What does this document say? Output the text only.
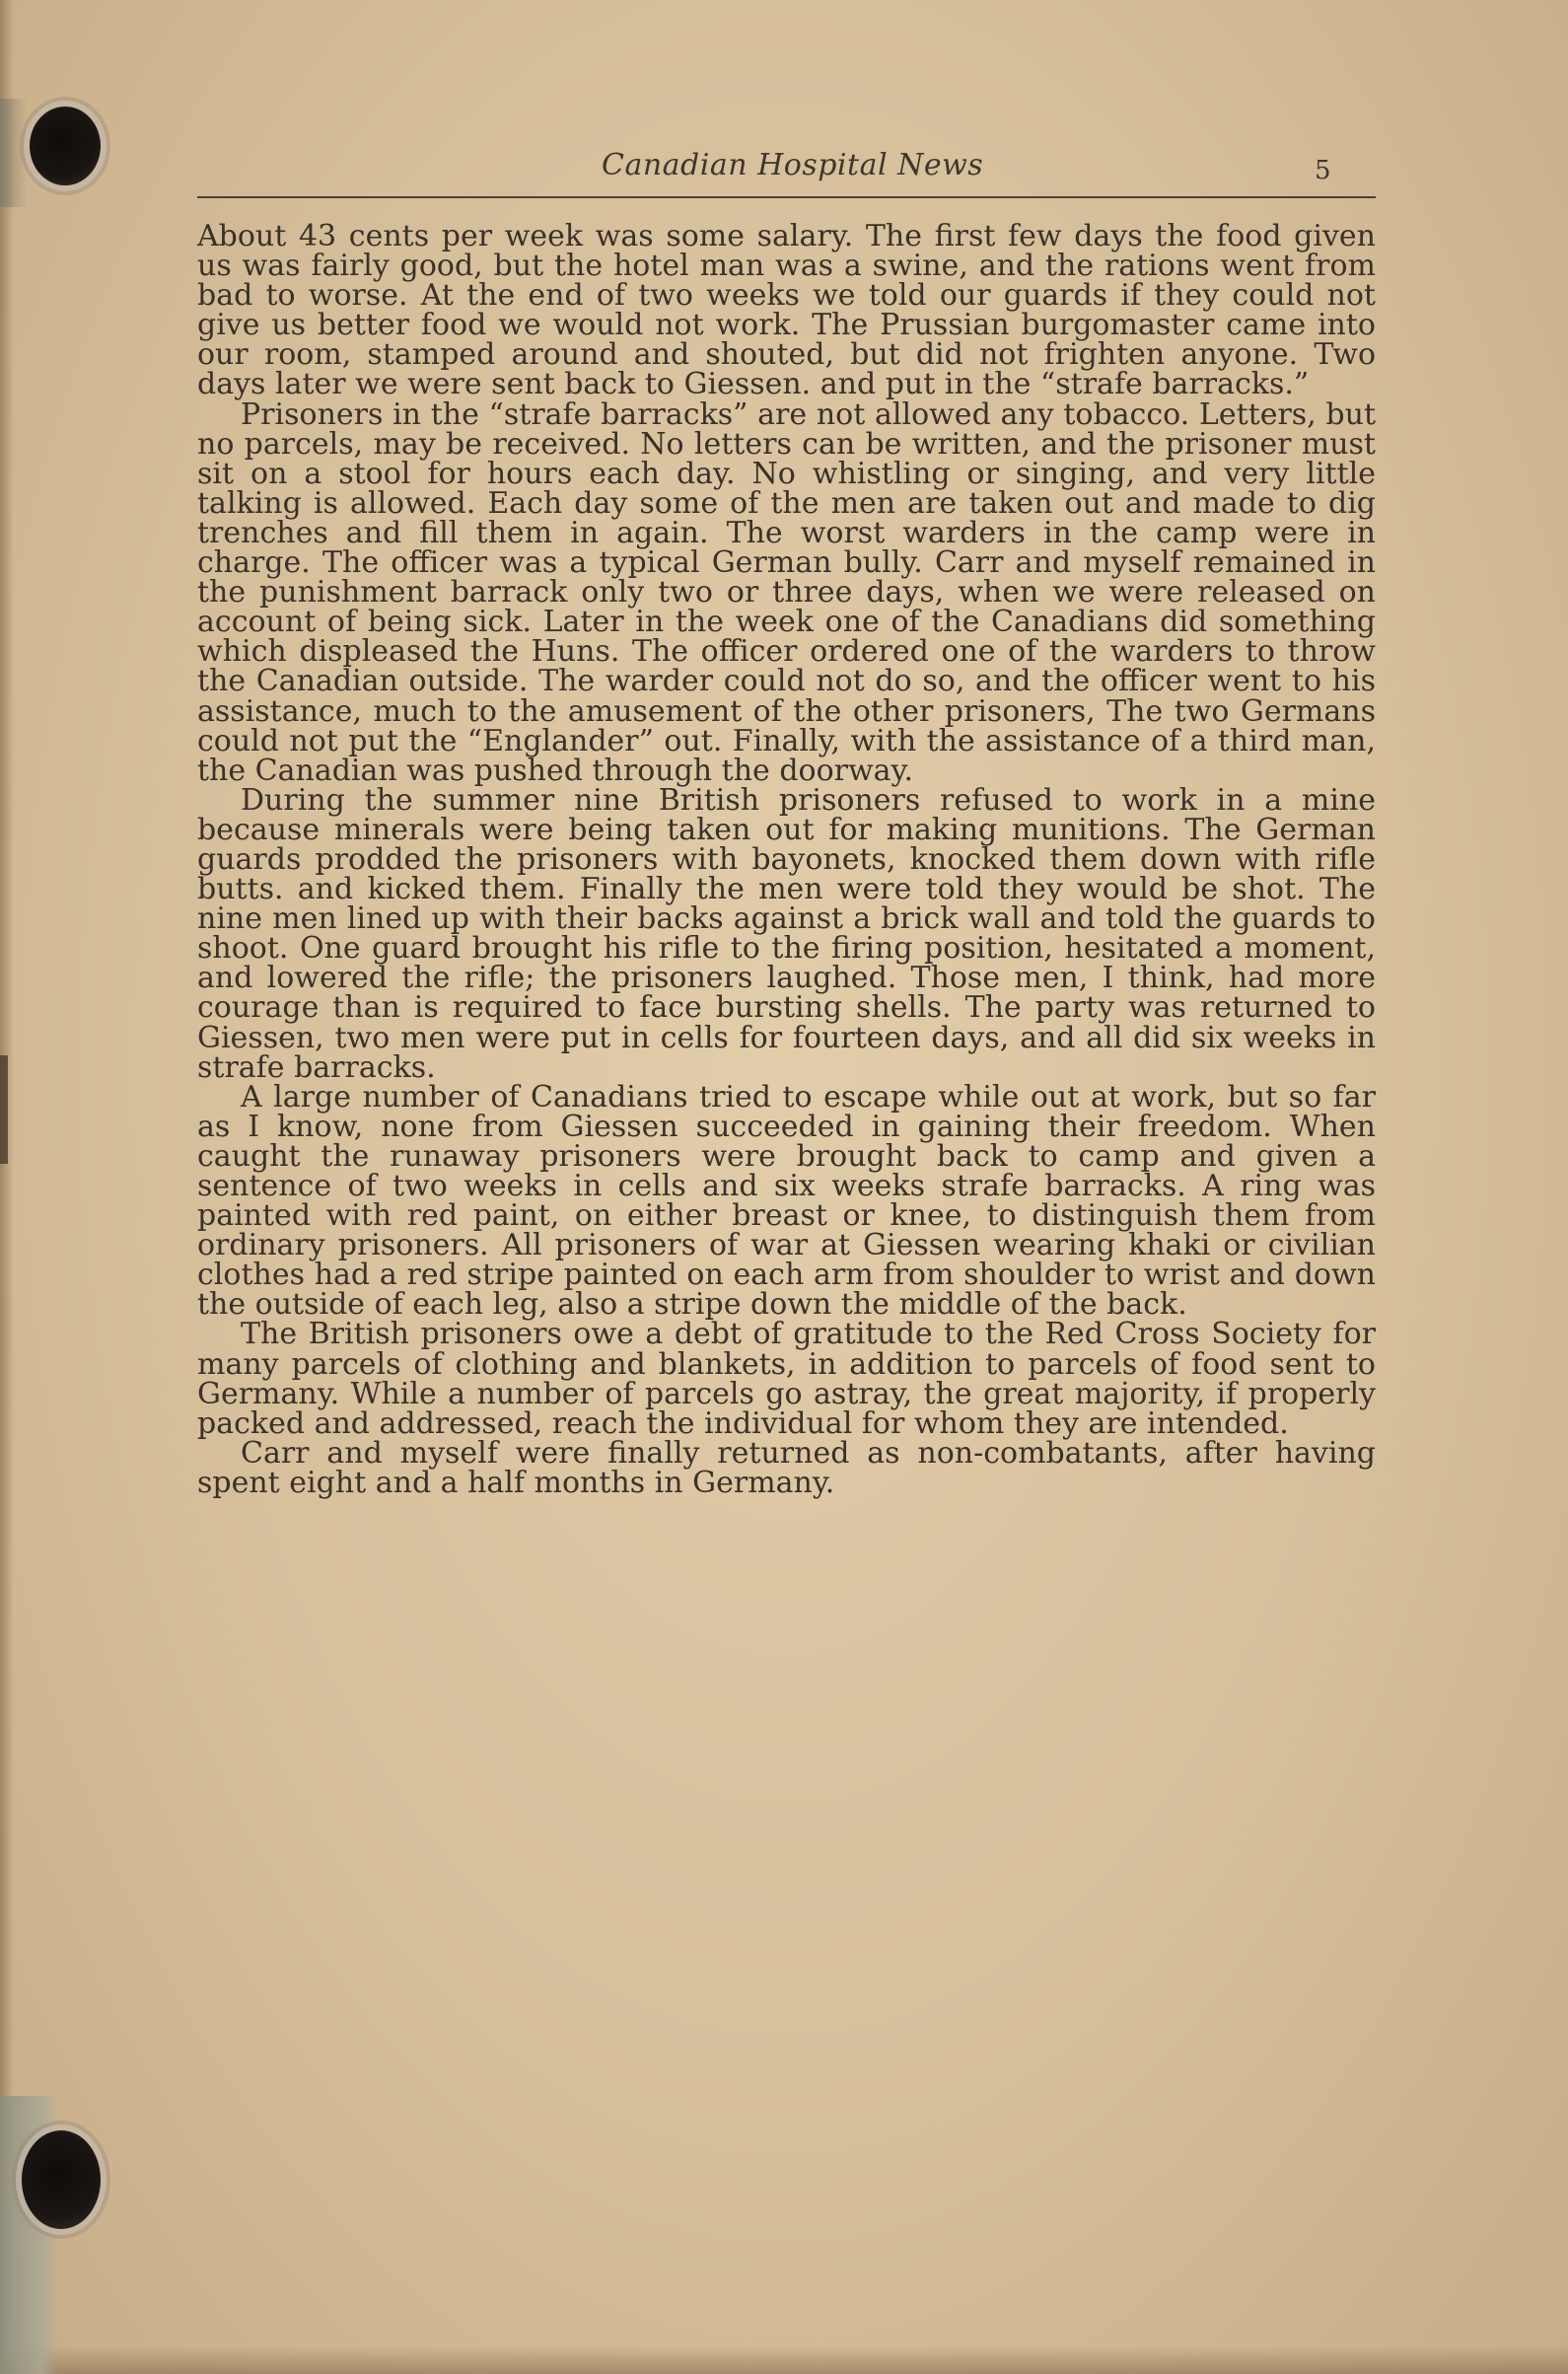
Canadian Hospital News	5

About 43 cents per week was some salary. The first few days the food given us was fairly good, but the hotel man was a swine, and the rations went from bad to worse. At the end of two weeks we told our guards if they could not give us better food we would not work. The Prussian burgomaster came into our room, stamped around and shouted, but did not frighten anyone. Two days later we were sent back to Giessen. and put in the “strafe barracks.”

Prisoners in the “strafe barracks” are not allowed any tobacco. Letters, but no parcels, may be received. No letters can be written, and the prisoner must sit on a stool for hours each day. No whistling or singing, and very little talking is allowed. Each day some of the men are taken out and made to dig trenches and fill them in again. The worst warders in the camp were in charge. The officer was a typical German bully. Carr and myself remained in the punishment barrack only two or three days, when we were released on account of being sick. Later in the week one of the Canadians did something which displeased the Huns. The officer ordered one of the warders to throw the Canadian outside. The warder could not do so, and the officer went to his assistance, much to the amusement of the other prisoners, The two Germans could not put the “Englander” out. Finally, with the assistance of a third man, the Canadian was pushed through the doorway.

During the summer nine British prisoners refused to work in a mine because minerals were being taken out for making munitions. The German guards prodded the prisoners with bayonets, knocked them down with rifle butts. and kicked them. Finally the men were told they would be shot. The nine men lined up with their backs against a brick wall and told the guards to shoot. One guard brought his rifle to the firing position, hesitated a moment, and lowered the rifle; the prisoners laughed. Those men, I think, had more courage than is required to face bursting shells. The party was returned to Giessen, two men were put in cells for fourteen days, and all did six weeks in strafe barracks.

A large number of Canadians tried to escape while out at work, but so far as I know, none from Giessen succeeded in gaining their freedom. When caught the runaway prisoners were brought back to camp and given a sentence of two weeks in cells and six weeks strafe barracks. A ring was painted with red paint, on either breast or knee, to distinguish them from ordinary prisoners. All prisoners of war at Giessen wearing khaki or civilian clothes had a red stripe painted on each arm from shoulder to wrist and down the outside of each leg, also a stripe down the middle of the back.

The British prisoners owe a debt of gratitude to the Red Cross Society for many parcels of clothing and blankets, in addition to parcels of food sent to Germany. While a number of parcels go astray, the great majority, if properly packed and addressed, reach the individual for whom they are intended.

Carr and myself were finally returned as non-combatants, after having spent eight and a half months in Germany.
